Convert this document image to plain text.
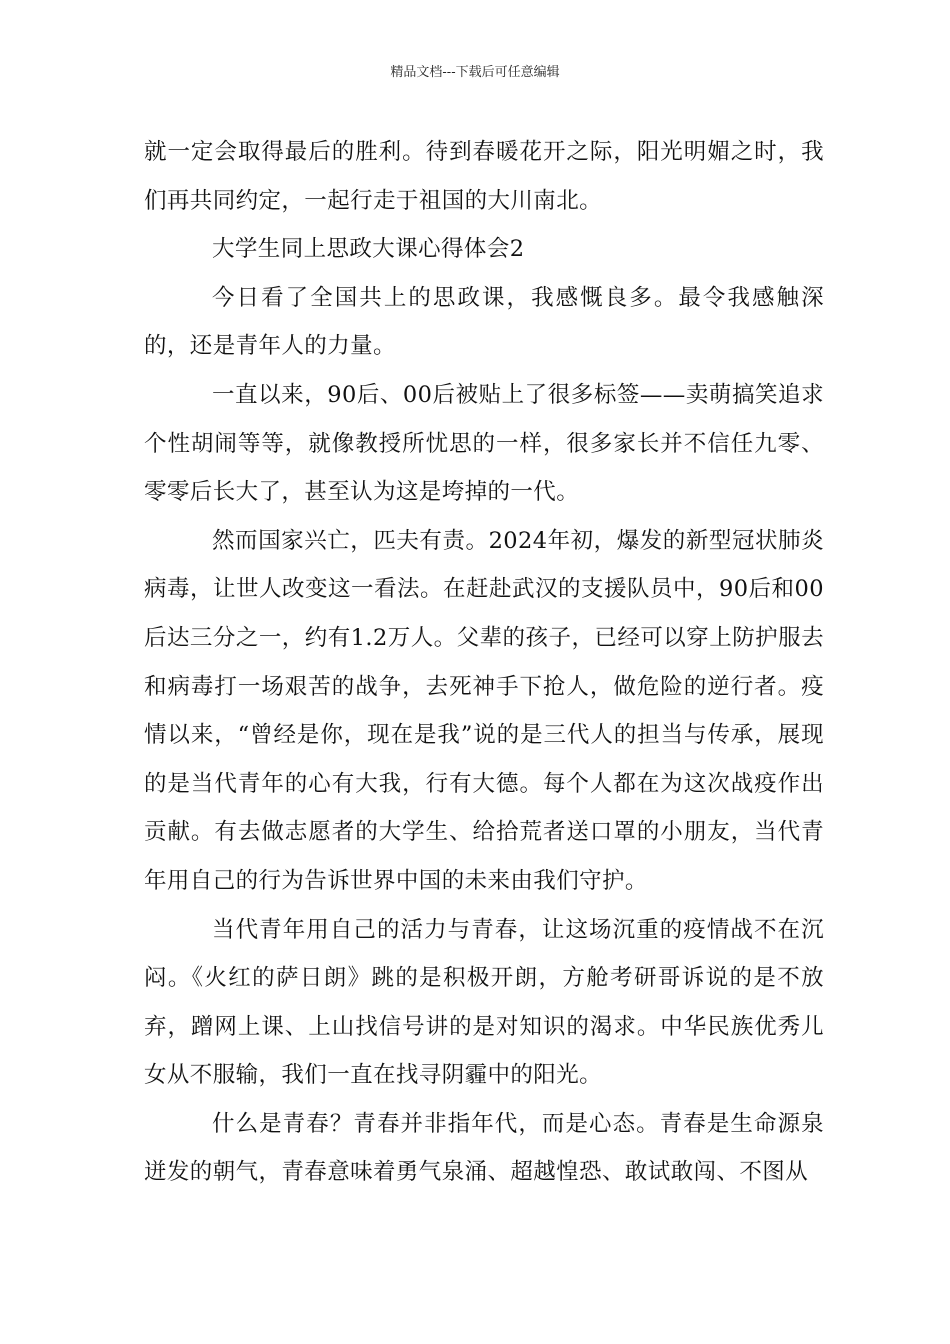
精品文档---下载后可任意编辑

就一定会取得最后的胜利。待到春暖花开之际，阳光明媚之时，我们再共同约定，一起行走于祖国的大川南北。

大学生同上思政大课心得体会2

今日看了全国共上的思政课，我感慨良多。最令我感触深的，还是青年人的力量。

一直以来，90后、00后被贴上了很多标签——卖萌搞笑追求个性胡闹等等，就像教授所忧思的一样，很多家长并不信任九零、零零后长大了，甚至认为这是垮掉的一代。

然而国家兴亡，匹夫有责。2024年初，爆发的新型冠状肺炎病毒，让世人改变这一看法。在赶赴武汉的支援队员中，90后和00后达三分之一，约有1.2万人。父辈的孩子，已经可以穿上防护服去和病毒打一场艰苦的战争，去死神手下抢人，做危险的逆行者。疫情以来，“曾经是你，现在是我”说的是三代人的担当与传承，展现的是当代青年的心有大我，行有大德。每个人都在为这次战疫作出贡献。有去做志愿者的大学生、给拾荒者送口罩的小朋友，当代青年用自己的行为告诉世界中国的未来由我们守护。

当代青年用自己的活力与青春，让这场沉重的疫情战不在沉闷。《火红的萨日朗》跳的是积极开朗，方舱考研哥诉说的是不放弃，蹭网上课、上山找信号讲的是对知识的渴求。中华民族优秀儿女从不服输，我们一直在找寻阴霾中的阳光。

什么是青春？青春并非指年代，而是心态。青春是生命源泉迸发的朝气，青春意味着勇气泉涌、超越惶恐、敢试敢闯、不图从
